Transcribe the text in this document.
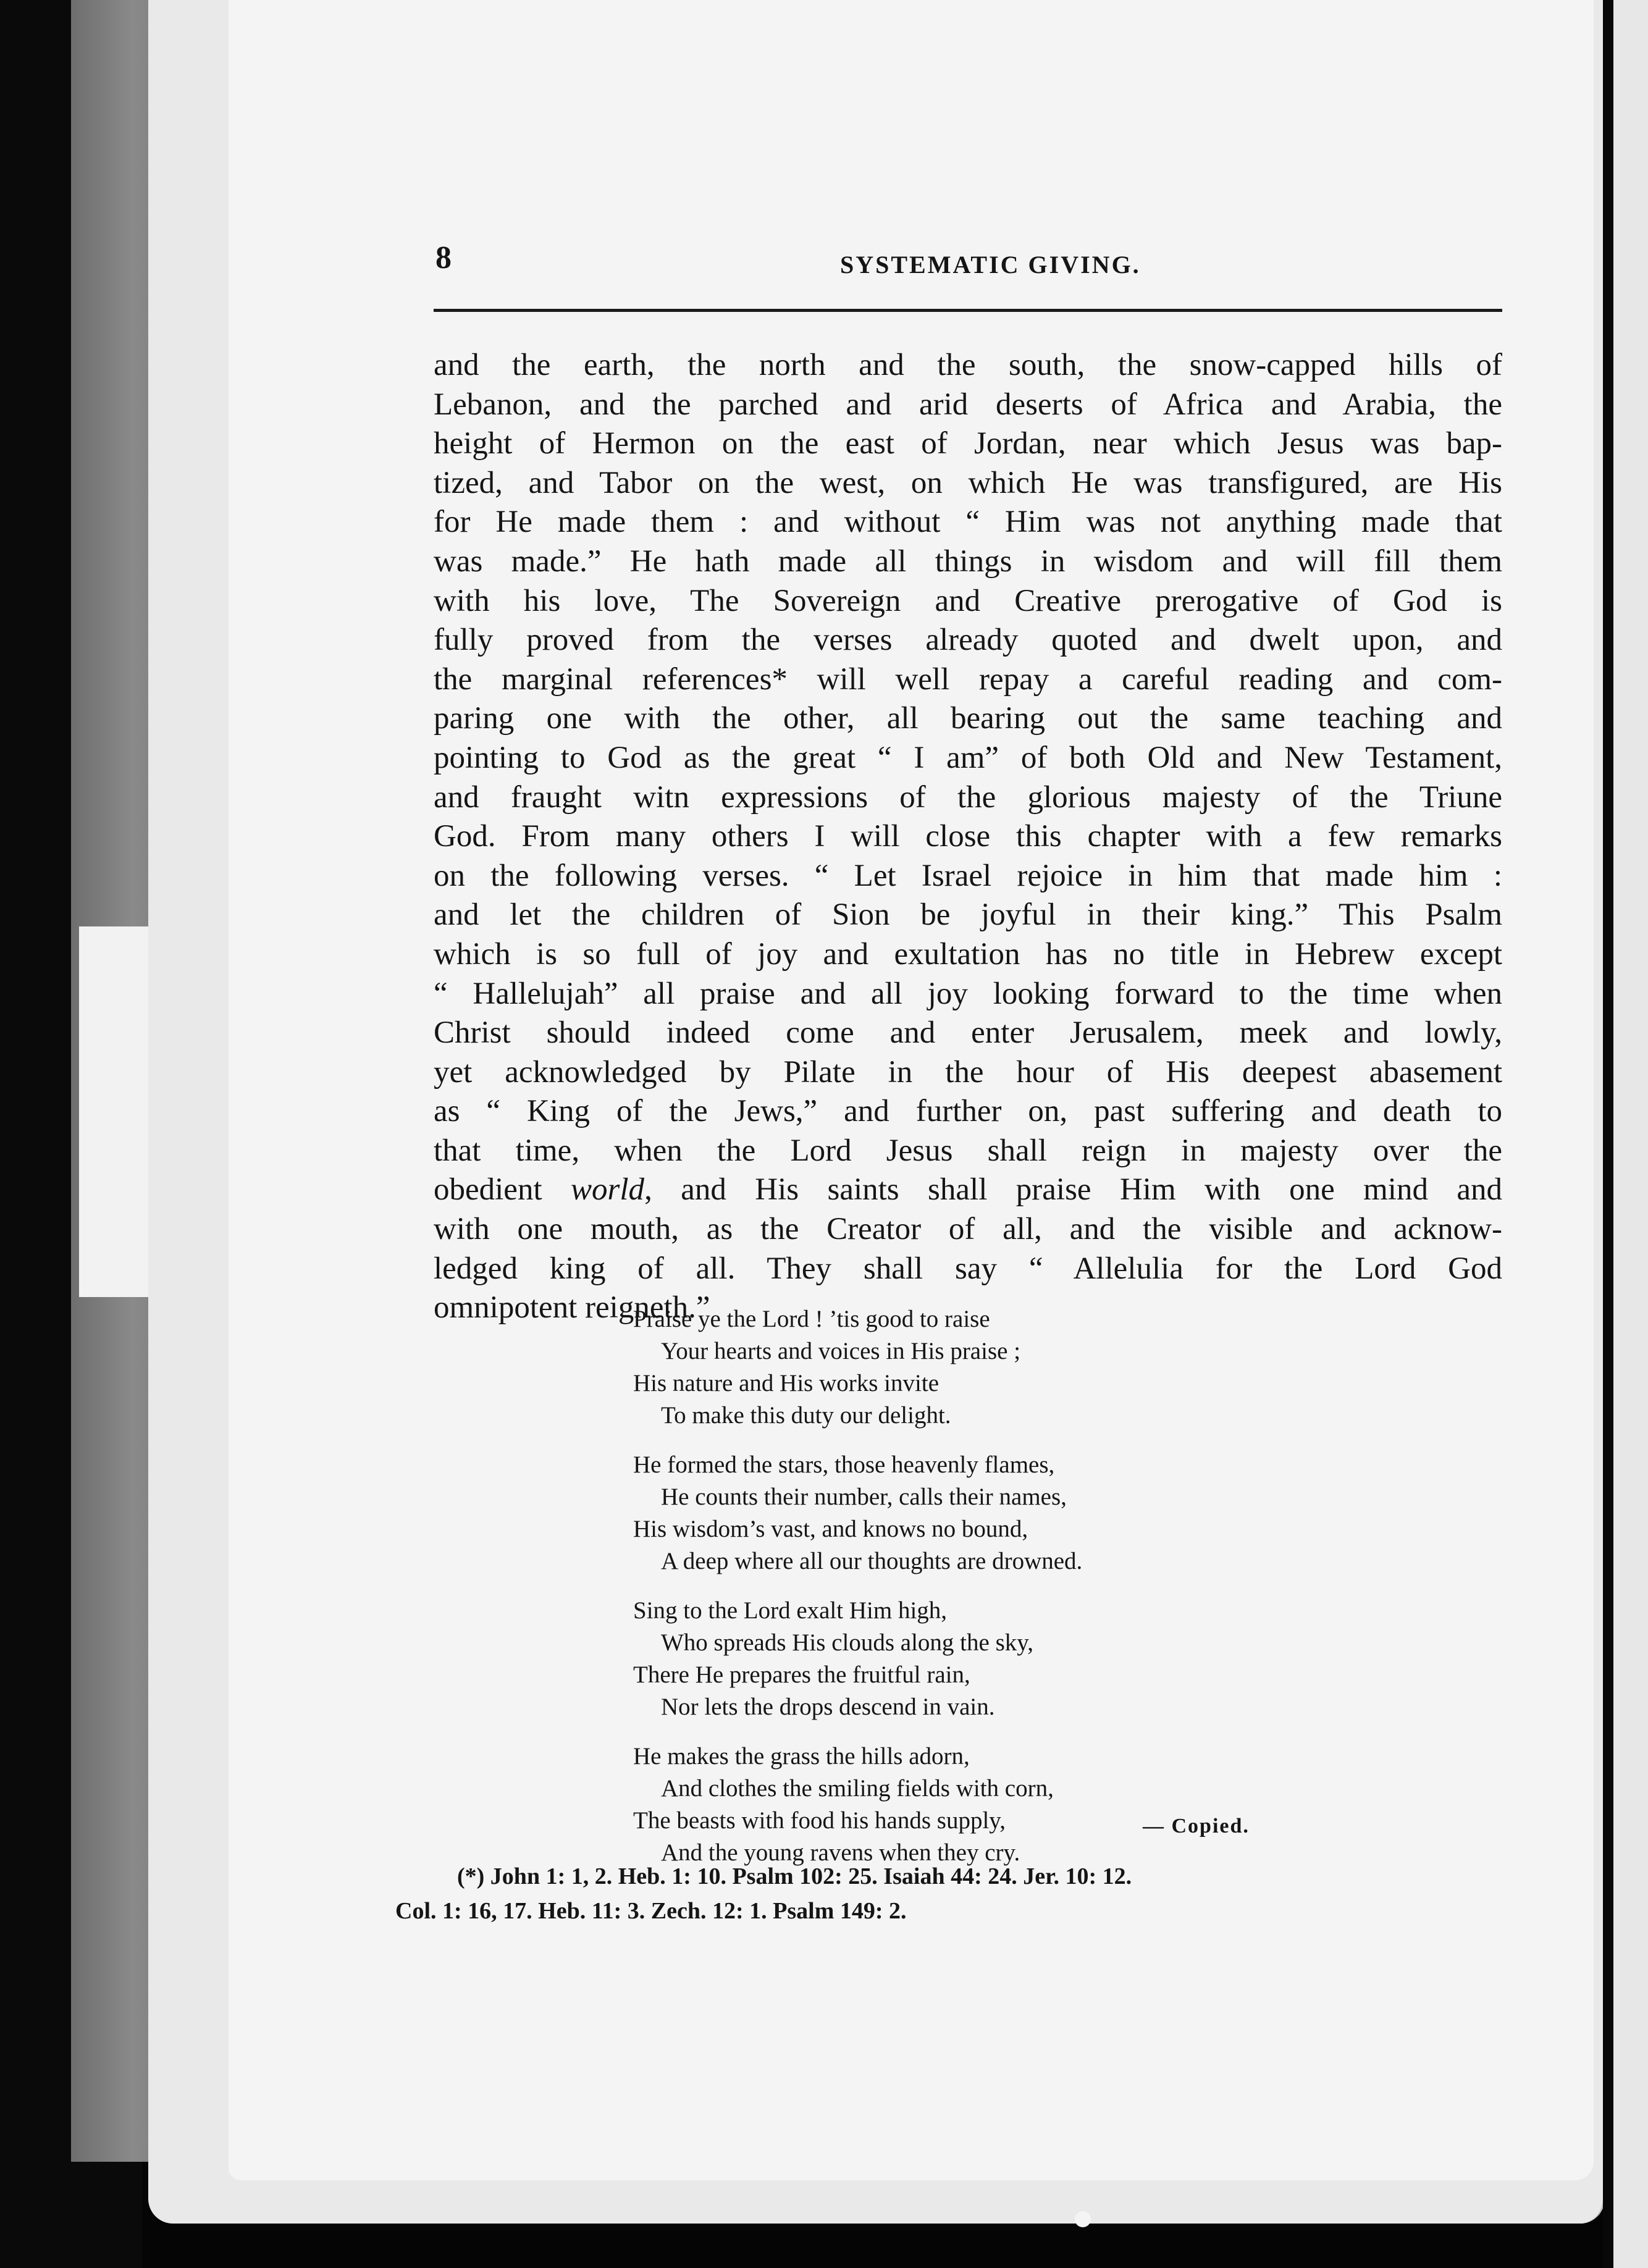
8	SYSTEMATIC GIVING.

and the earth, the north and the south, the snow-capped hills of
Lebanon, and the parched and arid deserts of Africa and Arabia, the
height of Hermon on the east of Jordan, near which Jesus was bap-
tized, and Tabor on the west, on which He was transfigured, are His
for He made them : and without “ Him was not anything made that
was made.” He hath made all things in wisdom and will fill them
with his love, The Sovereign and Creative prerogative of God is
fully proved from the verses already quoted and dwelt upon, and
the marginal references* will well repay a careful reading and com-
paring one with the other, all bearing out the same teaching and
pointing to God as the great “ I am” of both Old and New Testament,
and fraught witn expressions of the glorious majesty of the Triune
God. From many others I will close this chapter with a few remarks
on the following verses. “ Let Israel rejoice in him that made him :
and let the children of Sion be joyful in their king.” This Psalm
which is so full of joy and exultation has no title in Hebrew except
“ Hallelujah” all praise and all joy looking forward to the time when
Christ should indeed come and enter Jerusalem, meek and lowly,
yet acknowledged by Pilate in the hour of His deepest abasement
as “ King of the Jews,” and further on, past suffering and death to
that time, when the Lord Jesus shall reign in majesty over the
obedient world, and His saints shall praise Him with one mind and
with one mouth, as the Creator of all, and the visible and acknow-
ledged king of all. They shall say “ Allelulia for the Lord God
omnipotent reigneth.”
Praise ye the Lord ! ’tis good to raise
Your hearts and voices in His praise ;
His nature and His works invite
To make this duty our delight.
He formed the stars, those heavenly flames,
He counts their number, calls their names,
His wisdom’s vast, and knows no bound,
A deep where all our thoughts are drowned.
Sing to the Lord exalt Him high,
Who spreads His clouds along the sky,
There He prepares the fruitful rain,
Nor lets the drops descend in vain.
He makes the grass the hills adorn,
And clothes the smiling fields with corn,
The beasts with food his hands supply,
And the young ravens when they cry.

— Copied.

(*) John 1: 1, 2. Heb. 1: 10. Psalm 102: 25. Isaiah 44: 24. Jer. 10: 12.
Col. 1: 16, 17. Heb. 11: 3. Zech. 12: 1. Psalm 149: 2.
